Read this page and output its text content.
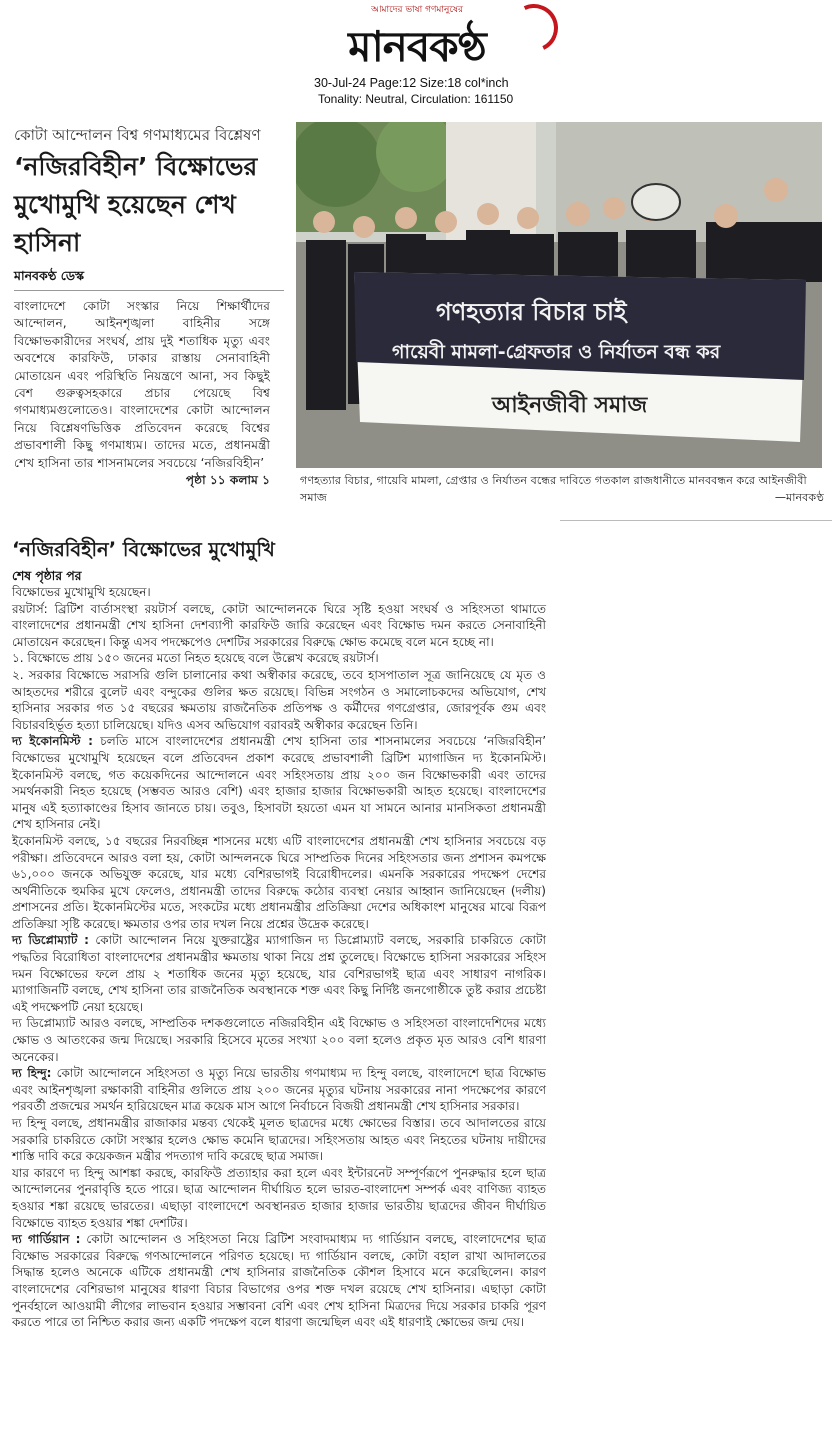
আমাদের ভাষা গণমানুষের
মানবকণ্ঠ
30-Jul-24 Page:12 Size:18 col*inch
Tonality: Neutral, Circulation: 161150
কোটা আন্দোলন বিশ্ব গণমাধ্যমের বিশ্লেষণ
‘নজিরবিহীন’ বিক্ষোভের মুখোমুখি হয়েছেন শেখ হাসিনা
মানবকণ্ঠ ডেস্ক
বাংলাদেশে কোটা সংস্কার নিয়ে শিক্ষার্থীদের আন্দোলন, আইনশৃঙ্খলা বাহিনীর সঙ্গে বিক্ষোভকারীদের সংঘর্ষ, প্রায় দুই শতাধিক মৃত্যু এবং অবশেষে কারফিউ, ঢাকার রাস্তায় সেনাবাহিনী মোতায়েন এবং পরিস্থিতি নিয়ন্ত্রণে আনা, সব কিছুই বেশ গুরুত্বসহকারে প্রচার পেয়েছে বিশ্ব গণমাধ্যমগুলোতেও। বাংলাদেশের কোটা আন্দোলন নিয়ে বিশ্লেষণভিত্তিক প্রতিবেদন করেছে বিশ্বের প্রভাবশালী কিছু গণমাধ্যম। তাদের মতে, প্রধানমন্ত্রী শেখ হাসিনা তার শাসনামলের সবচেয়ে ‘নজিরবিহীন’
পৃষ্ঠা ১১ কলাম ১
গণহত্যার বিচার চাই
গায়েবী মামলা-গ্রেফতার ও নির্যাতন বন্ধ কর
আইনজীবী সমাজ
গণহত্যার বিচার, গায়েবি মামলা, গ্রেপ্তার ও নির্যাতন বন্ধের দাবিতে গতকাল রাজধানীতে মানববন্ধন করে আইনজীবী সমাজ	—মানবকণ্ঠ
‘নজিরবিহীন’ বিক্ষোভের মুখোমুখি
শেষ পৃষ্ঠার পর

বিক্ষোভের মুখোমুখি হয়েছেন।

রয়টার্স: ব্রিটিশ বার্তাসংস্থা রয়টার্স বলছে, কোটা আন্দোলনকে ঘিরে সৃষ্টি হওয়া সংঘর্ষ ও সহিংসতা থামাতে বাংলাদেশের প্রধানমন্ত্রী শেখ হাসিনা দেশব্যাপী কারফিউ জারি করেছেন এবং বিক্ষোভ দমন করতে সেনাবাহিনী মোতায়েন করেছেন। কিন্তু এসব পদক্ষেপেও দেশটির সরকারের বিরুদ্ধে ক্ষোভ কমেছে বলে মনে হচ্ছে না।

১. বিক্ষোভে প্রায় ১৫০ জনের মতো নিহত হয়েছে বলে উল্লেখ করেছে রয়টার্স।

২. সরকার বিক্ষোভে সরাসরি গুলি চালানোর কথা অস্বীকার করেছে, তবে হাসপাতাল সূত্র জানিয়েছে যে মৃত ও আহতদের শরীরে বুলেট এবং বন্দুকের গুলির ক্ষত রয়েছে। বিভিন্ন সংগঠন ও সমালোচকদের অভিযোগ, শেখ হাসিনার সরকার গত ১৫ বছরের ক্ষমতায় রাজনৈতিক প্রতিপক্ষ ও কর্মীদের গণগ্রেপ্তার, জোরপূর্বক গুম এবং বিচারবহির্ভূত হত্যা চালিয়েছে। যদিও এসব অভিযোগ বরাবরই অস্বীকার করেছেন তিনি।

দ্য ইকোনমিস্ট : চলতি মাসে বাংলাদেশের প্রধানমন্ত্রী শেখ হাসিনা তার শাসনামলের সবচেয়ে ‘নজিরবিহীন’ বিক্ষোভের মুখোমুখি হয়েছেন বলে প্রতিবেদন প্রকাশ করেছে প্রভাবশালী ব্রিটিশ ম্যাগাজিন দ্য ইকোনমিস্ট। ইকোনমিস্ট বলছে, গত কয়েকদিনের আন্দোলনে এবং সহিংসতায় প্রায় ২০০ জন বিক্ষোভকারী এবং তাদের সমর্থনকারী নিহত হয়েছে (সম্ভবত আরও বেশি) এবং হাজার হাজার বিক্ষোভকারী আহত হয়েছে। বাংলাদেশের মানুষ এই হত্যাকাণ্ডের হিসাব জানতে চায়। তবুও, হিসাবটা হয়তো এমন যা সামনে আনার মানসিকতা প্রধানমন্ত্রী শেখ হাসিনার নেই।

ইকোনমিস্ট বলছে, ১৫ বছরের নিরবচ্ছিন্ন শাসনের মধ্যে এটি বাংলাদেশের প্রধানমন্ত্রী শেখ হাসিনার সবচেয়ে বড় পরীক্ষা। প্রতিবেদনে আরও বলা হয়, কোটা আন্দলনকে ঘিরে সাম্প্রতিক দিনের সহিংসতার জন্য প্রশাসন কমপক্ষে ৬১,০০০ জনকে অভিযুক্ত করেছে, যার মধ্যে বেশিরভাগই বিরোধীদলের। এমনকি সরকারের পদক্ষেপ দেশের অর্থনীতিকে হুমকির মুখে ফেলেও, প্রধানমন্ত্রী তাদের বিরুদ্ধে কঠোর ব্যবস্থা নেয়ার আহ্বান জানিয়েছেন (দলীয়) প্রশাসনের প্রতি। ইকোনমিস্টের মতে, সংকটের মধ্যে প্রধানমন্ত্রীর প্রতিক্রিয়া দেশের অধিকাংশ মানুষের মাঝে বিরূপ প্রতিক্রিয়া সৃষ্টি করেছে। ক্ষমতার ওপর তার দখল নিয়ে প্রশ্নের উদ্রেক করেছে।

দ্য ডিপ্লোম্যাট : কোটা আন্দোলন নিয়ে যুক্তরাষ্ট্রের ম্যাগাজিন দ্য ডিপ্লোম্যাট বলছে, সরকারি চাকরিতে কোটা পদ্ধতির বিরোধিতা বাংলাদেশের প্রধানমন্ত্রীর ক্ষমতায় থাকা নিয়ে প্রশ্ন তুলেছে। বিক্ষোভে হাসিনা সরকারের সহিংস দমন বিক্ষোভের ফলে প্রায় ২ শতাধিক জনের মৃত্যু হয়েছে, যার বেশিরভাগই ছাত্র এবং সাধারণ নাগরিক। ম্যাগাজিনটি বলছে, শেখ হাসিনা তার রাজনৈতিক অবস্থানকে শক্ত এবং কিছু নির্দিষ্ট জনগোষ্ঠীকে তুষ্ট করার প্রচেষ্টা এই পদক্ষেপটি নেয়া হয়েছে।

দ্য ডিপ্লোম্যাট আরও বলছে, সাম্প্রতিক দশকগুলোতে নজিরবিহীন এই বিক্ষোভ ও সহিংসতা বাংলাদেশিদের মধ্যে ক্ষোভ ও আতংকের জন্ম দিয়েছে। সরকারি হিসেবে মৃতের সংখ্যা ২০০ বলা হলেও প্রকৃত মৃত আরও বেশি ধারণা অনেকের।

দ্য হিন্দু: কোটা আন্দোলনে সহিংসতা ও মৃত্যু নিয়ে ভারতীয় গণমাধ্যম দ্য হিন্দু বলছে, বাংলাদেশে ছাত্র বিক্ষোভ এবং আইনশৃঙ্খলা রক্ষাকারী বাহিনীর গুলিতে প্রায় ২০০ জনের মৃত্যুর ঘটনায় সরকারের নানা পদক্ষেপের কারণে পরবর্তী প্রজন্মের সমর্থন হারিয়েছেন মাত্র কয়েক মাস আগে নির্বাচনে বিজয়ী প্রধানমন্ত্রী শেখ হাসিনার সরকার।

দ্য হিন্দু বলছে, প্রধানমন্ত্রীর রাজাকার মন্তব্য থেকেই মূলত ছাত্রদের মধ্যে ক্ষোভের বিস্তার। তবে আদালতের রায়ে সরকারি চাকরিতে কোটা সংস্কার হলেও ক্ষোভ কমেনি ছাত্রদের। সহিংসতায় আহত এবং নিহতের ঘটনায় দায়ীদের শাস্তি দাবি করে কয়েকজন মন্ত্রীর পদত্যাগ দাবি করেছে ছাত্র সমাজ।

যার কারণে দ্য হিন্দু আশঙ্কা করছে, কারফিউ প্রত্যাহার করা হলে এবং ইন্টারনেট সম্পূর্ণরূপে পুনরুদ্ধার হলে ছাত্র আন্দোলনের পুনরাবৃত্তি হতে পারে। ছাত্র আন্দোলন দীর্ঘায়িত হলে ভারত-বাংলাদেশ সম্পর্ক এবং বাণিজ্য ব্যাহত হওয়ার শঙ্কা রয়েছে ভারতের। এছাড়া বাংলাদেশে অবস্থানরত হাজার হাজার ভারতীয় ছাত্রদের জীবন দীর্ঘায়িত বিক্ষোভে ব্যাহত হওয়ার শঙ্কা দেশটির।

দ্য গার্ডিয়ান : কোটা আন্দোলন ও সহিংসতা নিয়ে ব্রিটিশ সংবাদমাধ্যম দ্য গার্ডিয়ান বলছে, বাংলাদেশের ছাত্র বিক্ষোভ সরকারের বিরুদ্ধে গণআন্দোলনে পরিণত হয়েছে। দ্য গার্ডিয়ান বলছে, কোটা বহাল রাখা আদালতের সিদ্ধান্ত হলেও অনেকে এটিকে প্রধানমন্ত্রী শেখ হাসিনার রাজনৈতিক কৌশল হিসাবে মনে করেছিলেন। কারণ বাংলাদেশের বেশিরভাগ মানুষের ধারণা বিচার বিভাগের ওপর শক্ত দখল রয়েছে শেখ হাসিনার। এছাড়া কোটা পুনর্বহালে আওয়ামী লীগের লাভবান হওয়ার সম্ভাবনা বেশি এবং শেখ হাসিনা মিত্রদের দিয়ে সরকার চাকরি পূরণ করতে পারে তা নিশ্চিত করার জন্য একটি পদক্ষেপ বলে ধারণা জন্মেছিল এবং এই ধারণাই ক্ষোভের জন্ম দেয়।
